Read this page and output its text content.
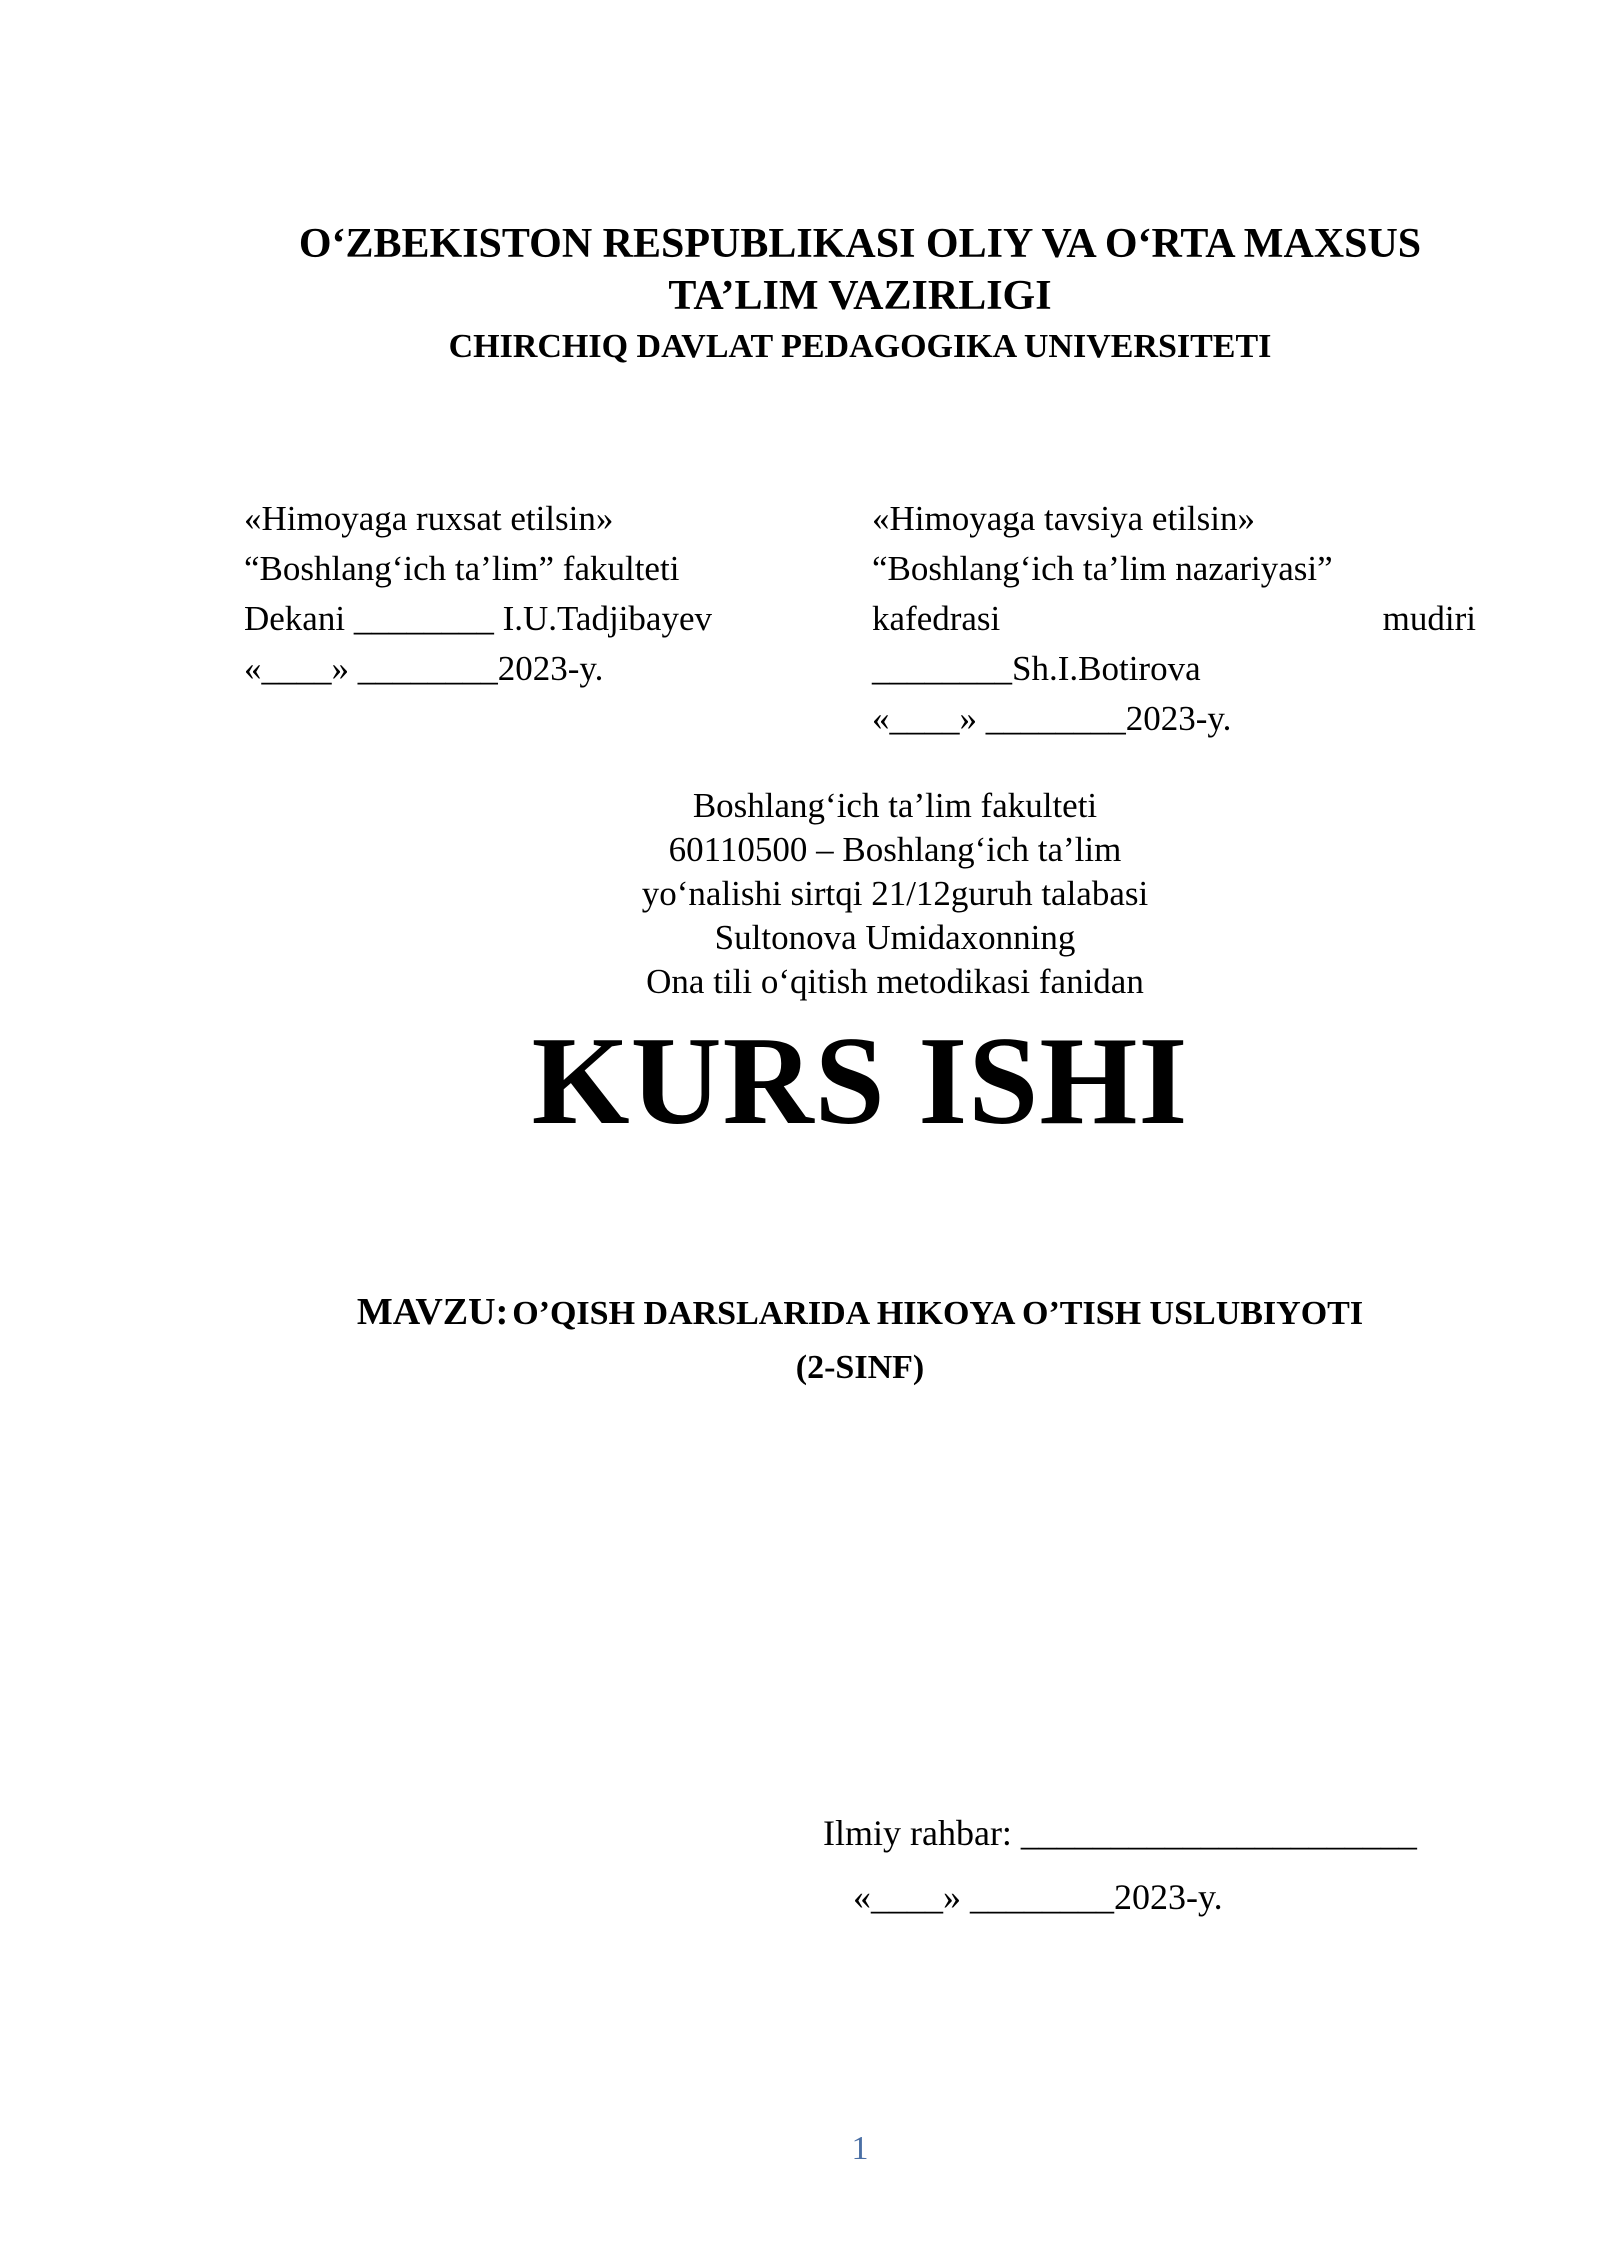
O‘ZBEKISTON RESPUBLIKASI OLIY VA O‘RTA MAXSUS
TA’LIM VAZIRLIGI
CHIRCHIQ DAVLAT PEDAGOGIKA UNIVERSITETI
«Himoyaga ruxsat etilsin»
“Boshlang‘ich ta’lim” fakulteti
Dekani ________ I.U.Tadjibayev
«____» ________2023-y.
«Himoyaga tavsiya etilsin»
“Boshlang‘ich ta’lim nazariyasi”
kafedrasi	mudiri
________Sh.I.Botirova
«____» ________2023-y.
Boshlang‘ich ta’lim fakulteti
60110500 – Boshlang‘ich ta’lim
yo‘nalishi sirtqi 21/12guruh talabasi
Sultonova Umidaxonning
Ona tili o‘qitish metodikasi fanidan
KURS ISHI
MAVZU: O’QISH DARSLARIDA HIKOYA O’TISH USLUBIYOTI
(2-SINF)
Ilmiy rahbar: ______________________
«____» ________2023-y.
1
